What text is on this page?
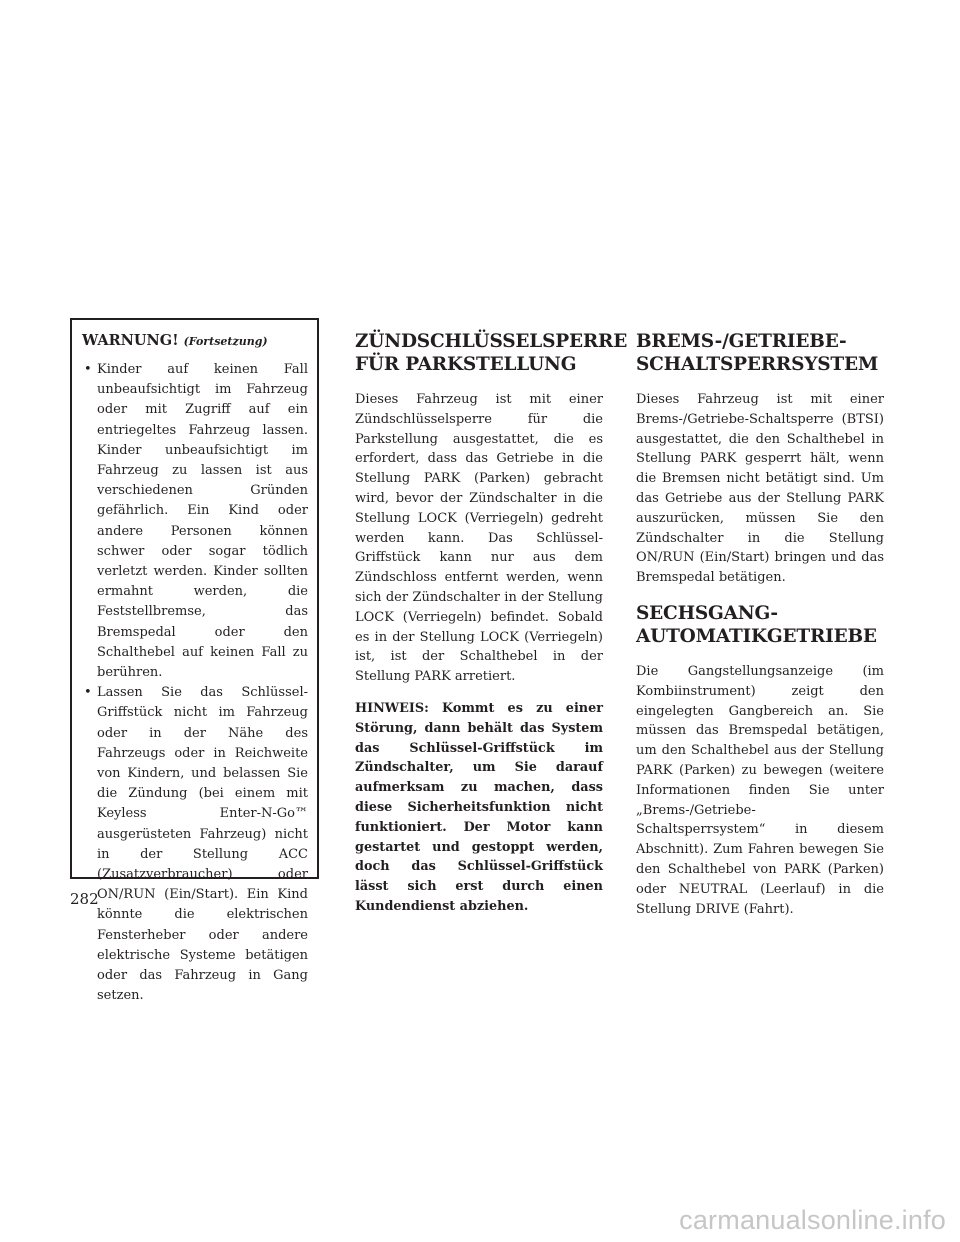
WARNUNG! (Fortsetzung)
• Kinder auf keinen Fall unbeaufsichtigt im Fahrzeug oder mit Zugriff auf ein entriegeltes Fahrzeug lassen. Kinder unbeaufsichtigt im Fahrzeug zu lassen ist aus verschiedenen Gründen gefährlich. Ein Kind oder andere Personen können schwer oder sogar tödlich verletzt werden. Kinder sollten ermahnt werden, die Feststellbremse, das Bremspedal oder den Schalthebel auf keinen Fall zu berühren.
• Lassen Sie das Schlüssel-Griffstück nicht im Fahrzeug oder in der Nähe des Fahrzeugs oder in Reichweite von Kindern, und belassen Sie die Zündung (bei einem mit Keyless Enter-N-Go™ ausgerüsteten Fahrzeug) nicht in der Stellung ACC (Zusatzverbraucher) oder ON/RUN (Ein/Start). Ein Kind könnte die elektrischen Fensterheber oder andere elektrische Systeme betätigen oder das Fahrzeug in Gang setzen.
ZÜNDSCHLÜSSELSPERRE FÜR PARKSTELLUNG

Dieses Fahrzeug ist mit einer Zündschlüsselsperre für die Parkstellung ausgestattet, die es erfordert, dass das Getriebe in die Stellung PARK (Parken) gebracht wird, bevor der Zündschalter in die Stellung LOCK (Verriegeln) gedreht werden kann. Das Schlüssel-Griffstück kann nur aus dem Zündschloss entfernt werden, wenn sich der Zündschalter in der Stellung LOCK (Verriegeln) befindet. Sobald es in der Stellung LOCK (Verriegeln) ist, ist der Schalthebel in der Stellung PARK arretiert.

HINWEIS: Kommt es zu einer Störung, dann behält das System das Schlüssel-Griffstück im Zündschalter, um Sie darauf aufmerksam zu machen, dass diese Sicherheitsfunktion nicht funktioniert. Der Motor kann gestartet und gestoppt werden, doch das Schlüssel-Griffstück lässt sich erst durch einen Kundendienst abziehen.

BREMS-/GETRIEBE-SCHALTSPERRSYSTEM

Dieses Fahrzeug ist mit einer Brems-/Getriebe-Schaltsperre (BTSI) ausgestattet, die den Schalthebel in Stellung PARK gesperrt hält, wenn die Bremsen nicht betätigt sind. Um das Getriebe aus der Stellung PARK auszurücken, müssen Sie den Zündschalter in die Stellung ON/RUN (Ein/Start) bringen und das Bremspedal betätigen.

SECHSGANG-AUTOMATIKGETRIEBE

Die Gangstellungsanzeige (im Kombiinstrument) zeigt den eingelegten Gangbereich an. Sie müssen das Bremspedal betätigen, um den Schalthebel aus der Stellung PARK (Parken) zu bewegen (weitere Informationen finden Sie unter „Brems-/Getriebe-Schaltsperrsystem“ in diesem Abschnitt). Zum Fahren bewegen Sie den Schalthebel von PARK (Parken) oder NEUTRAL (Leerlauf) in die Stellung DRIVE (Fahrt).

282
carmanualsonline.info
